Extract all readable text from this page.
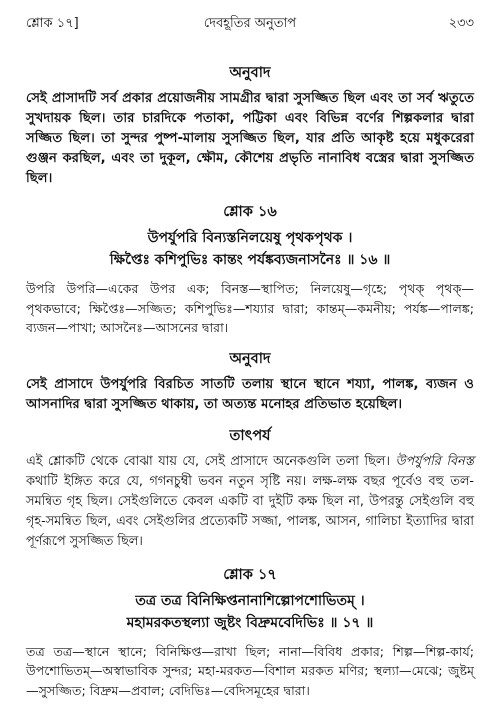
শ্লোক ১৭]	দেবহূতির অনুতাপ	২৩৩

অনুবাদ

সেই প্রাসাদটি সর্ব প্রকার প্রয়োজনীয় সামগ্রীর দ্বারা সুসজ্জিত ছিল এবং তা সর্ব ঋতুতে সুখদায়ক ছিল। তার চারদিকে পতাকা, পট্টিকা এবং বিভিন্ন বর্ণের শিল্পকলার দ্বারা সজ্জিত ছিল। তা সুন্দর পুষ্প-মালায় সুসজ্জিত ছিল, যার প্রতি আকৃষ্ট হয়ে মধুকরেরা গুঞ্জন করছিল, এবং তা দুকূল, ক্ষৌম, কৌশেয় প্রভৃতি নানাবিধ বস্ত্রের দ্বারা সুসজ্জিত ছিল।

শ্লোক ১৬

উপর্যুপরি বিন্যস্তনিলয়েষু পৃথকপৃথক ।

ক্ষিপ্তৈঃ কশিপুভিঃ কান্তং পর্যঙ্কব্যজনাসনৈঃ ॥ ১৬ ॥

উপরি উপরি—একের উপর এক; বিনস্ত—স্থাপিত; নিলয়েষু—গৃহে; পৃথক্ পৃথক্—পৃথকভাবে; ক্ষিপ্তৈঃ—সজ্জিত; কশিপুভিঃ—শয্যার দ্বারা; কান্তম্—কমনীয়; পর্যঙ্ক—পালঙ্ক; ব্যজন—পাখা; আসনৈঃ—আসনের দ্বারা।

অনুবাদ

সেই প্রাসাদে উপর্যুপরি বিরচিত সাতটি তলায় স্থানে স্থানে শয্যা, পালঙ্ক, ব্যজন ও আসনাদির দ্বারা সুসজ্জিত থাকায়, তা অত্যন্ত মনোহর প্রতিভাত হয়েছিল।

তাৎপর্য

এই শ্লোকটি থেকে বোঝা যায় যে, সেই প্রাসাদে অনেকগুলি তলা ছিল। উপর্যুপরি বিনস্ত কথাটি ইঙ্গিত করে যে, গগনচুম্বী ভবন নতুন সৃষ্টি নয়। লক্ষ-লক্ষ বছর পূর্বেও বহু তল-সমন্বিত গৃহ ছিল। সেইগুলিতে কেবল একটি বা দুইটি কক্ষ ছিল না, উপরন্তু সেইগুলি বহু গৃহ-সমন্বিত ছিল, এবং সেইগুলির প্রত্যেকটি সজ্জা, পালঙ্ক, আসন, গালিচা ইত্যাদির দ্বারা পূর্ণরূপে সুসজ্জিত ছিল।

শ্লোক ১৭

তত্র তত্র বিনিক্ষিপ্তনানাশিল্পোপশোভিতম্ ।

মহামরকতস্থল্যা জুষ্টং বিদ্রুমবেদিভিঃ ॥ ১৭ ॥

তত্র তত্র—স্থানে স্থানে; বিনিক্ষিপ্ত—রাখা ছিল; নানা—বিবিধ প্রকার; শিল্প—শিল্প-কার্য; উপশোভিতম্—অস্বাভাবিক সুন্দর; মহা-মরকত—বিশাল মরকত মণির; স্থল্যা—মেঝে; জুষ্টম্—সুসজ্জিত; বিদ্রুম—প্রবাল; বেদিভিঃ—বেদিসমূহের দ্বারা।
